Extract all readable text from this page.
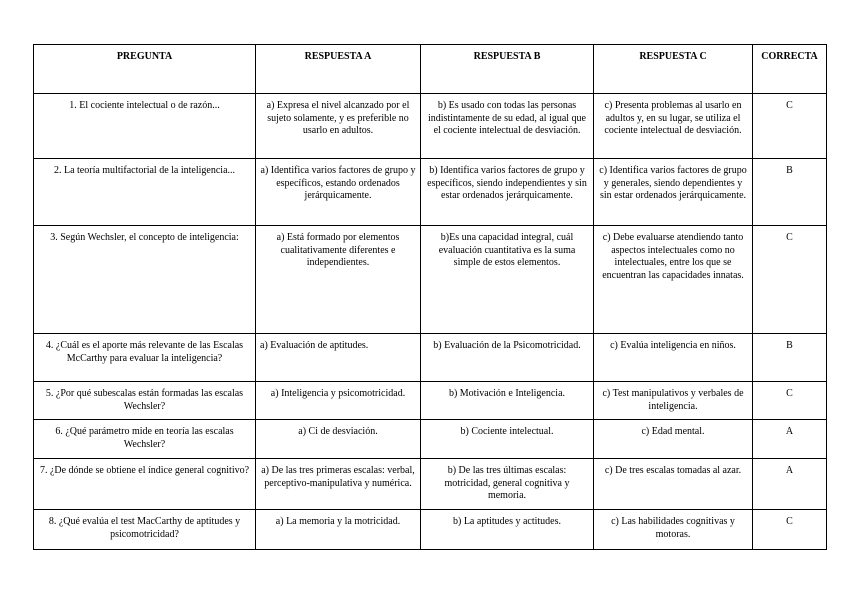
PREGUNTA	RESPUESTA A	RESPUESTA B	RESPUESTA C	CORRECTA
1. El cociente intelectual o de razón...	a) Expresa el nivel alcanzado por el sujeto solamente, y es preferible no usarlo en adultos.	b) Es usado con todas las personas indistintamente de su edad, al igual que el cociente intelectual de desviación.	c) Presenta problemas al usarlo en adultos y, en su lugar, se utiliza el cociente intelectual de desviación.	C
2. La teoría multifactorial de la inteligencia...	a) Identifica varios factores de grupo y específicos, estando ordenados jerárquicamente.	b) Identifica varios factores de grupo y específicos, siendo independientes y sin estar ordenados jerárquicamente.	c) Identifica varios factores de grupo y generales, siendo dependientes y sin estar ordenados jerárquicamente.	B
3. Según Wechsler, el concepto de inteligencia:	a) Está formado por elementos cualitativamente diferentes e independientes.	b)Es una capacidad integral, cuál evaluación cuantitativa es la suma simple de estos elementos.	c) Debe evaluarse atendiendo tanto aspectos intelectuales como no intelectuales, entre los que se encuentran las capacidades innatas.	C
4. ¿Cuál es el aporte más relevante de las Escalas McCarthy para evaluar la inteligencia?	a) Evaluación de aptitudes.	b) Evaluación de la Psicomotricidad.	c) Evalúa inteligencia en niños.	B
5. ¿Por qué subescalas están formadas las escalas Wechsler?	a) Inteligencia y psicomotricidad.	b) Motivación e Inteligencia.	c) Test manipulativos y verbales de inteligencia.	C
6. ¿Qué parámetro mide en teoría las escalas Wechsler?	a) Ci de desviación.	b) Cociente intelectual.	c) Edad mental.	A
7. ¿De dónde se obtiene el índice general cognitivo?	a) De las tres primeras escalas: verbal, perceptivo-manipulativa y numérica.	b) De las tres últimas escalas: motricidad, general cognitiva y memoria.	c) De tres escalas tomadas al azar.	A
8. ¿Qué evalúa el test MacCarthy de aptitudes y psicomotricidad?	a) La memoria y la motricidad.	b) La aptitudes y actitudes.	c) Las habilidades cognitivas y motoras.	C
